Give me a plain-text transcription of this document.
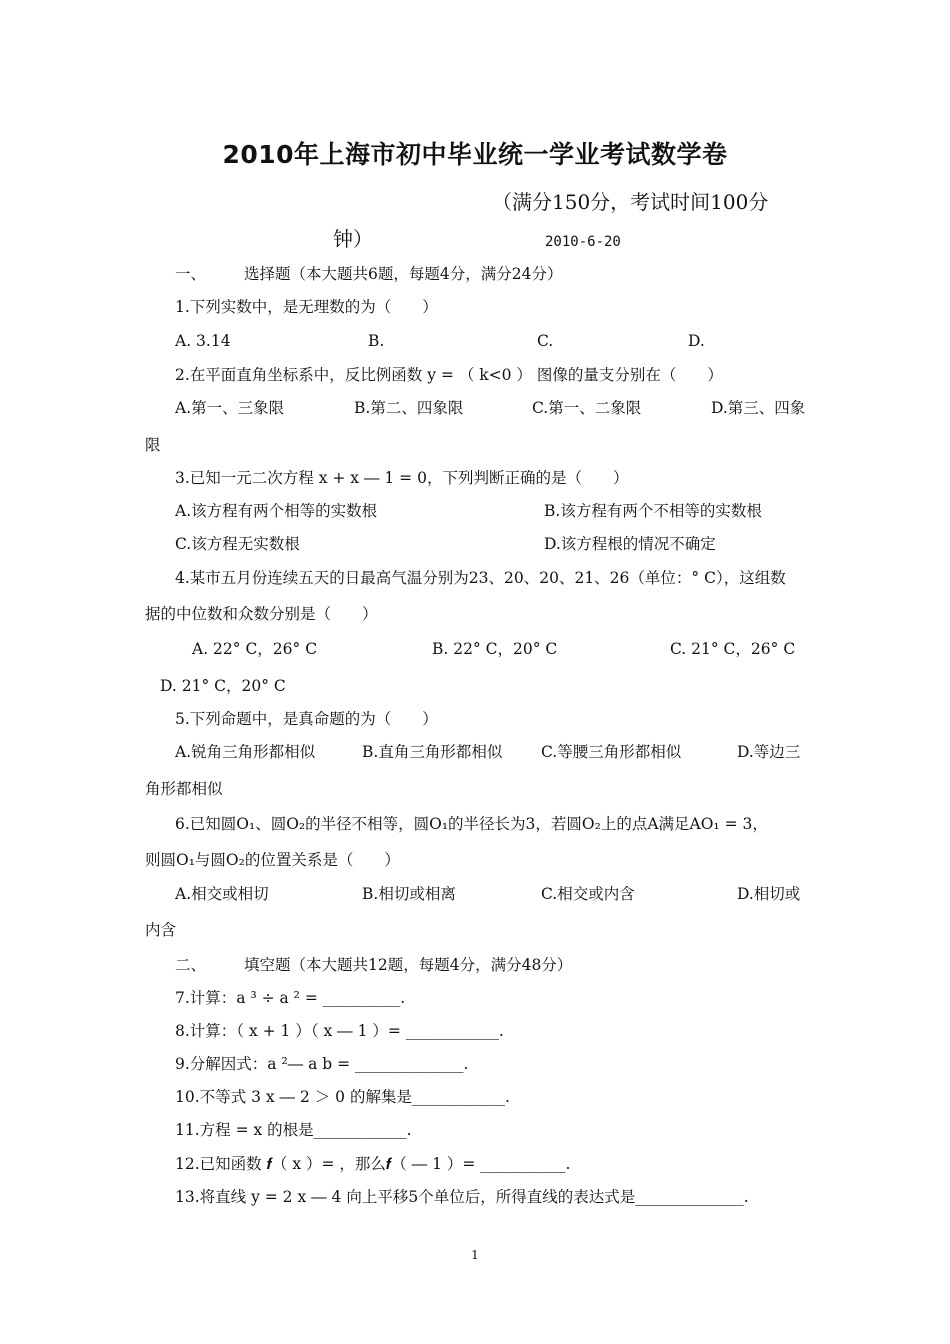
2010年上海市初中毕业统一学业考试数学卷
（满分150分，考试时间100分
钟）	2010-6-20
一、 选择题（本大题共6题，每题4分，满分24分）
1.下列实数中，是无理数的为（　　）
A. 3.14	B.	C.	D.
2.在平面直角坐标系中，反比例函数 y = （ k<0 ） 图像的量支分别在（　　）
A.第一、三象限	B.第二、四象限	C.第一、二象限	D.第三、四象
限
3.已知一元二次方程 x + x ― 1 = 0，下列判断正确的是（　　）
A.该方程有两个相等的实数根	B.该方程有两个不相等的实数根
C.该方程无实数根	D.该方程根的情况不确定
4.某市五月份连续五天的日最高气温分别为23、20、20、21、26（单位：° C），这组数
据的中位数和众数分别是（　　）
A. 22° C，26° C	B. 22° C，20° C	C. 21° C，26° C
D. 21° C，20° C
5.下列命题中，是真命题的为（　　）
A.锐角三角形都相似	B.直角三角形都相似 C.等腰三角形都相似	D.等边三
角形都相似
6.已知圆O₁、圆O₂的半径不相等，圆O₁的半径长为3，若圆O₂上的点A满足AO₁ = 3，
则圆O₁与圆O₂的位置关系是（　　）
A.相交或相切	B.相切或相离	C.相交或内含	D.相切或
内含
二、 填空题（本大题共12题，每题4分，满分48分）
7.计算：a ³ ÷ a ² = __________.
8.计算：（ x + 1 ）（ x ― 1 ）= ____________.
9.分解因式：a ²― a b = ______________.
10.不等式 3 x ― 2 ＞ 0 的解集是____________.
11.方程 = x 的根是____________.
12.已知函数 𝒇（ x ）= ，那么𝒇（ ― 1 ）= ___________.
13.将直线 y = 2 x ― 4 向上平移5个单位后，所得直线的表达式是______________.
1
